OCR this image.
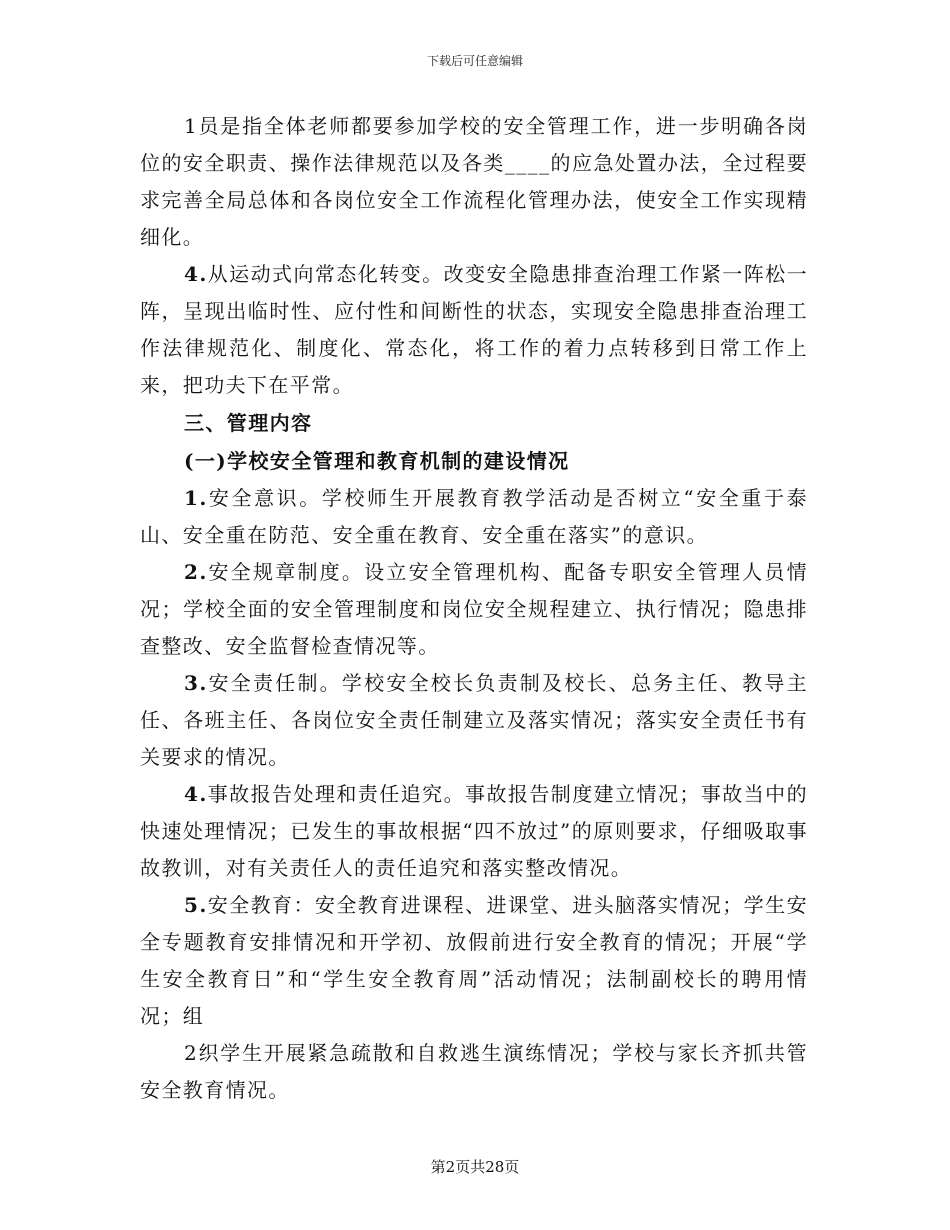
下载后可任意编辑

1员是指全体老师都要参加学校的安全管理工作，进一步明确各岗位的安全职责、操作法律规范以及各类____的应急处置办法，全过程要求完善全局总体和各岗位安全工作流程化管理办法，使安全工作实现精细化。

4.从运动式向常态化转变。改变安全隐患排查治理工作紧一阵松一阵，呈现出临时性、应付性和间断性的状态，实现安全隐患排查治理工作法律规范化、制度化、常态化，将工作的着力点转移到日常工作上来，把功夫下在平常。

三、管理内容

(一)学校安全管理和教育机制的建设情况

1.安全意识。学校师生开展教育教学活动是否树立“安全重于泰山、安全重在防范、安全重在教育、安全重在落实”的意识。

2.安全规章制度。设立安全管理机构、配备专职安全管理人员情况；学校全面的安全管理制度和岗位安全规程建立、执行情况；隐患排查整改、安全监督检查情况等。

3.安全责任制。学校安全校长负责制及校长、总务主任、教导主任、各班主任、各岗位安全责任制建立及落实情况；落实安全责任书有关要求的情况。

4.事故报告处理和责任追究。事故报告制度建立情况；事故当中的快速处理情况；已发生的事故根据“四不放过”的原则要求，仔细吸取事故教训，对有关责任人的责任追究和落实整改情况。

5.安全教育：安全教育进课程、进课堂、进头脑落实情况；学生安全专题教育安排情况和开学初、放假前进行安全教育的情况；开展“学生安全教育日”和“学生安全教育周”活动情况；法制副校长的聘用情况；组

2织学生开展紧急疏散和自救逃生演练情况；学校与家长齐抓共管安全教育情况。

第2页共28页
